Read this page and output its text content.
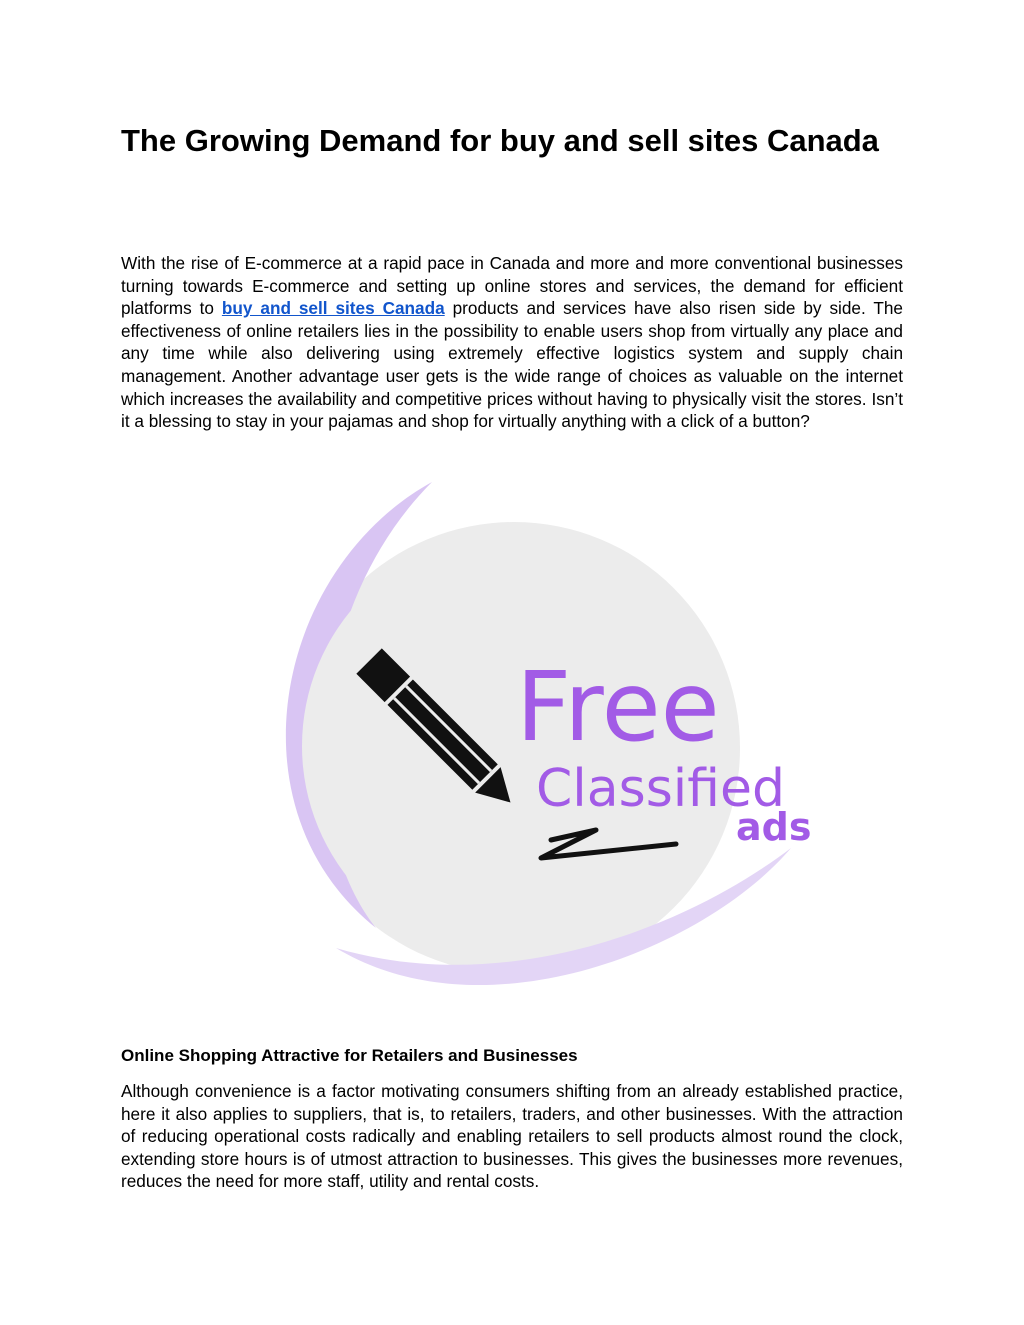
The Growing Demand for buy and sell sites Canada

With the rise of E-commerce at a rapid pace in Canada and more and more conventional businesses turning towards E-commerce and setting up online stores and services, the demand for efficient platforms to buy and sell sites Canada products and services have also risen side by side. The effectiveness of online retailers lies in the possibility to enable users shop from virtually any place and any time while also delivering using extremely effective logistics system and supply chain management. Another advantage user gets is the wide range of choices as valuable on the internet which increases the availability and competitive prices without having to physically visit the stores. Isn’t it a blessing to stay in your pajamas and shop for virtually anything with a click of a button?

Free
Classified
ads
Online Shopping Attractive for Retailers and Businesses

Although convenience is a factor motivating consumers shifting from an already established practice, here it also applies to suppliers, that is, to retailers, traders, and other businesses. With the attraction of reducing operational costs radically and enabling retailers to sell products almost round the clock, extending store hours is of utmost attraction to businesses. This gives the businesses more revenues, reduces the need for more staff, utility and rental costs.
